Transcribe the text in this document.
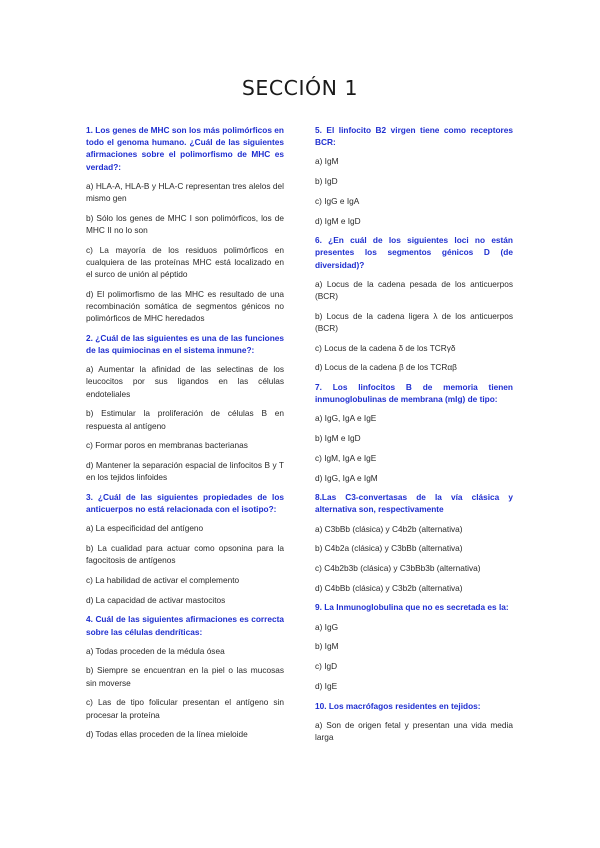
SECCIÓN 1

1. Los genes de MHC son los más polimórficos en todo el genoma humano. ¿Cuál de las siguientes afirmaciones sobre el polimorfismo de MHC es verdad?:

a) HLA-A, HLA-B y HLA-C representan tres alelos del mismo gen

b) Sólo los genes de MHC I son polimórficos, los de MHC II no lo son

c) La mayoría de los residuos polimórficos en cualquiera de las proteínas MHC está localizado en el surco de unión al péptido

d) El polimorfismo de las MHC es resultado de una recombinación somática de segmentos génicos no polimórficos de MHC heredados

2. ¿Cuál de las siguientes es una de las funciones de las quimiocinas en el sistema inmune?:

a) Aumentar la afinidad de las selectinas de los leucocitos por sus ligandos en las células endoteliales

b) Estimular la proliferación de células B en respuesta al antígeno

c) Formar poros en membranas bacterianas

d) Mantener la separación espacial de linfocitos B y T en los tejidos linfoides

3. ¿Cuál de las siguientes propiedades de los anticuerpos no está relacionada con el isotipo?:

a) La especificidad del antígeno

b) La cualidad para actuar como opsonina para la fagocitosis de antígenos

c) La habilidad de activar el complemento

d) La capacidad de activar mastocitos

4. Cuál de las siguientes afirmaciones es correcta sobre las células dendríticas:

a) Todas proceden de la médula ósea

b) Siempre se encuentran en la piel o las mucosas sin moverse

c) Las de tipo folicular presentan el antígeno sin procesar la proteína

d) Todas ellas proceden de la línea mieloide

5. El linfocito B2 virgen tiene como receptores BCR:

a) IgM

b) IgD

c) IgG e IgA

d) IgM e IgD

6. ¿En cuál de los siguientes loci no están presentes los segmentos génicos D (de diversidad)?

a) Locus de la cadena pesada de los anticuerpos (BCR)

b) Locus de la cadena ligera λ de los anticuerpos (BCR)

c) Locus de la cadena δ de los TCRγδ

d) Locus de la cadena β de los TCRαβ

7. Los linfocitos B de memoria tienen inmunoglobulinas de membrana (mIg) de tipo:

a) IgG, IgA e IgE

b) IgM e IgD

c) IgM, IgA e IgE

d) IgG, IgA e IgM

8.Las C3-convertasas de la vía clásica y alternativa son, respectivamente

a) C3bBb (clásica) y C4b2b (alternativa)

b) C4b2a (clásica) y C3bBb (alternativa)

c) C4b2b3b (clásica) y C3bBb3b (alternativa)

d) C4bBb (clásica) y C3b2b (alternativa)

9. La Inmunoglobulina que no es secretada es la:

a) IgG

b) IgM

c) IgD

d) IgE

10. Los macrófagos residentes en tejidos:

a) Son de origen fetal y presentan una vida media larga
